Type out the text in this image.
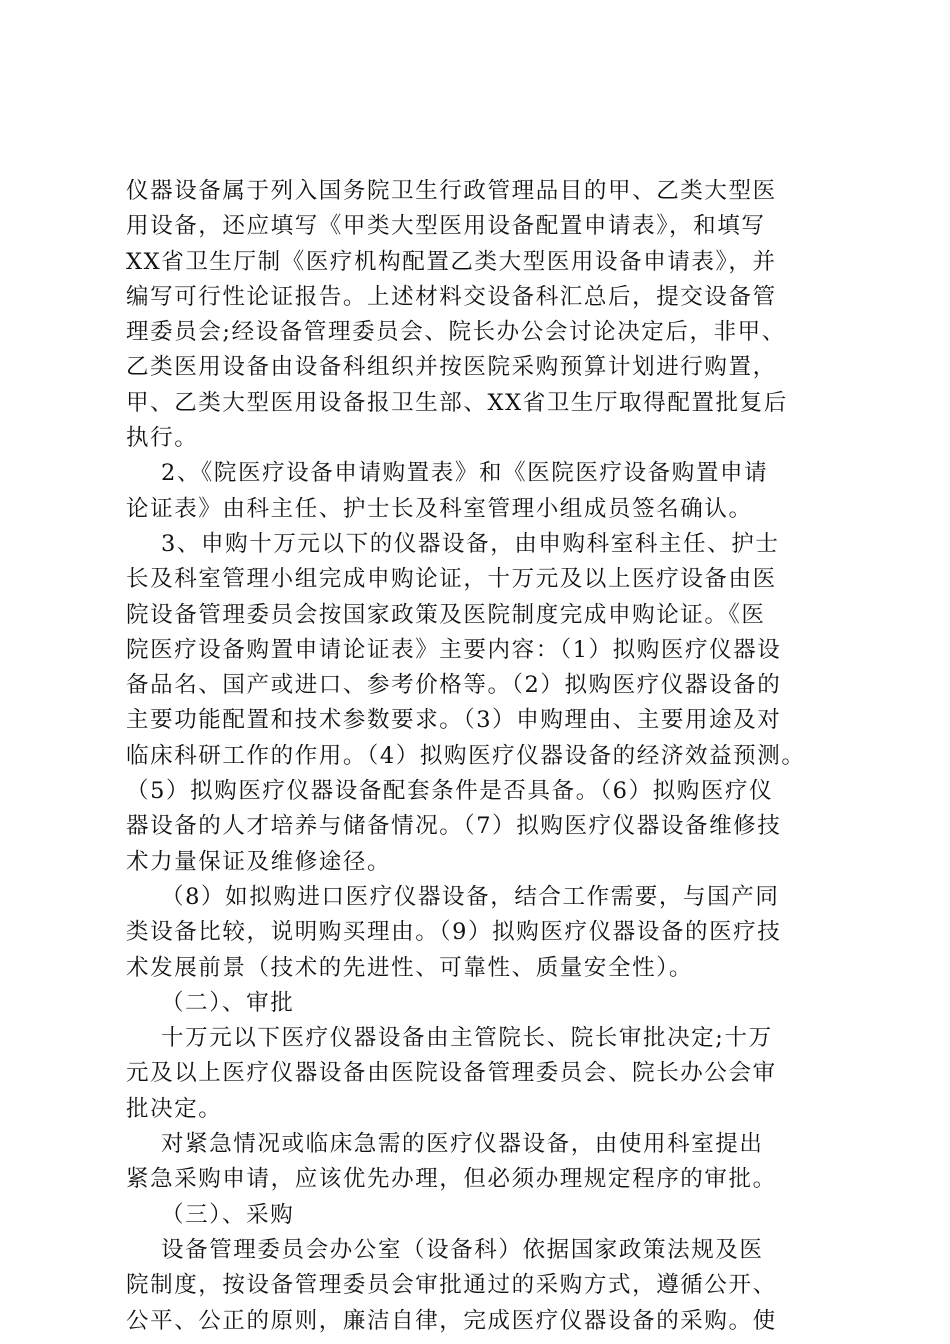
仪器设备属于列入国务院卫生行政管理品目的甲、乙类大型医
用设备，还应填写《甲类大型医用设备配置申请表》，和填写
XX省卫生厅制《医疗机构配置乙类大型医用设备申请表》，并
编写可行性论证报告。上述材料交设备科汇总后，提交设备管
理委员会;经设备管理委员会、院长办公会讨论决定后，非甲、
乙类医用设备由设备科组织并按医院采购预算计划进行购置，
甲、乙类大型医用设备报卫生部、XX省卫生厅取得配置批复后
执行。
2、《院医疗设备申请购置表》和《医院医疗设备购置申请
论证表》由科主任、护士长及科室管理小组成员签名确认。
3、申购十万元以下的仪器设备，由申购科室科主任、护士
长及科室管理小组完成申购论证，十万元及以上医疗设备由医
院设备管理委员会按国家政策及医院制度完成申购论证。《医
院医疗设备购置申请论证表》主要内容：（1）拟购医疗仪器设
备品名、国产或进口、参考价格等。（2）拟购医疗仪器设备的
主要功能配置和技术参数要求。（3）申购理由、主要用途及对
临床科研工作的作用。（4）拟购医疗仪器设备的经济效益预测。
（5）拟购医疗仪器设备配套条件是否具备。（6）拟购医疗仪
器设备的人才培养与储备情况。（7）拟购医疗仪器设备维修技
术力量保证及维修途径。
（8）如拟购进口医疗仪器设备，结合工作需要，与国产同
类设备比较，说明购买理由。（9）拟购医疗仪器设备的医疗技
术发展前景（技术的先进性、可靠性、质量安全性）。
（二）、审批
十万元以下医疗仪器设备由主管院长、院长审批决定;十万
元及以上医疗仪器设备由医院设备管理委员会、院长办公会审
批决定。
对紧急情况或临床急需的医疗仪器设备，由使用科室提出
紧急采购申请，应该优先办理，但必须办理规定程序的审批。
（三）、采购
设备管理委员会办公室（设备科）依据国家政策法规及医
院制度，按设备管理委员会审批通过的采购方式，遵循公开、
公平、公正的原则，廉洁自律，完成医疗仪器设备的采购。使
